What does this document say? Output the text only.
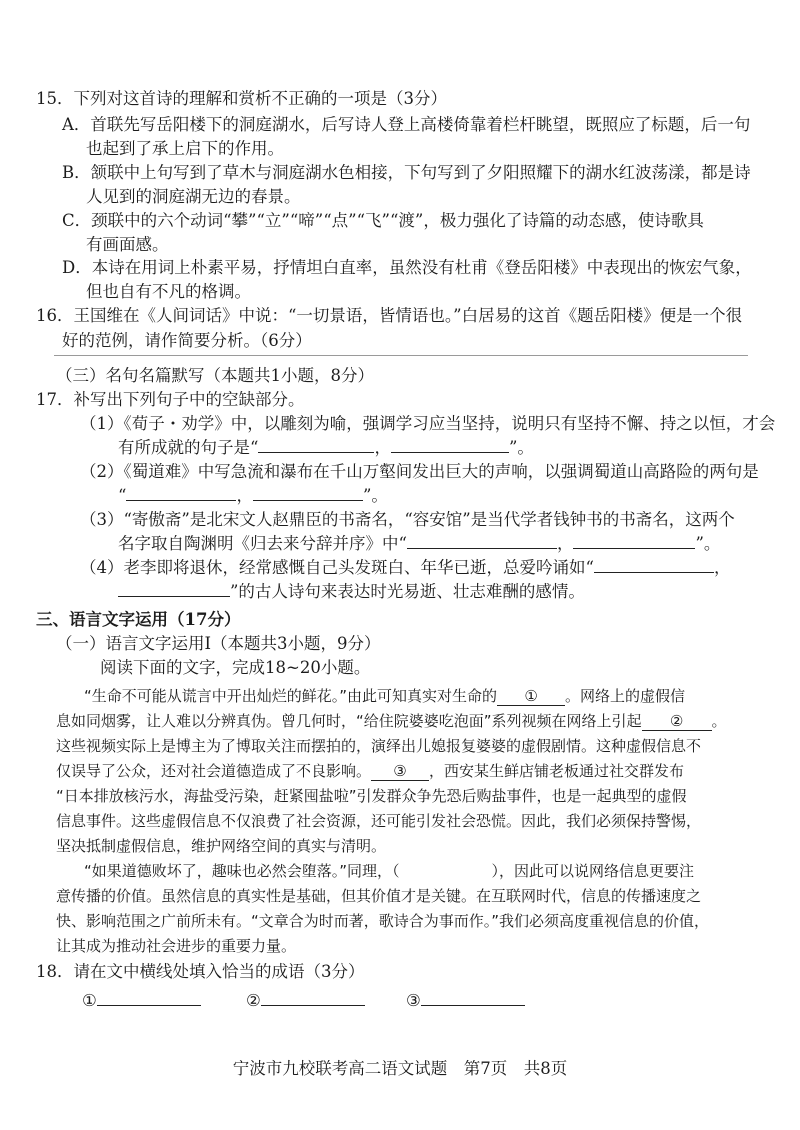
15．下列对这首诗的理解和赏析不正确的一项是（3分）
A．首联先写岳阳楼下的洞庭湖水，后写诗人登上高楼倚靠着栏杆眺望，既照应了标题，后一句
也起到了承上启下的作用。
B．颔联中上句写到了草木与洞庭湖水色相接，下句写到了夕阳照耀下的湖水红波荡漾，都是诗
人见到的洞庭湖无边的春景。
C．颈联中的六个动词“攀”“立”“啼”“点”“飞”“渡”，极力强化了诗篇的动态感，使诗歌具
有画面感。
D．本诗在用词上朴素平易，抒情坦白直率，虽然没有杜甫《登岳阳楼》中表现出的恢宏气象，
但也自有不凡的格调。
16．王国维在《人间词话》中说：“一切景语，皆情语也。”白居易的这首《题岳阳楼》便是一个很
好的范例，请作简要分析。（6分）
（三）名句名篇默写（本题共1小题，8分）
17．补写出下列句子中的空缺部分。
（1）《荀子・劝学》中，以雕刻为喻，强调学习应当坚持，说明只有坚持不懈、持之以恒，才会
有所成就的句子是“	，	”。
（2）《蜀道难》中写急流和瀑布在千山万壑间发出巨大的声响，以强调蜀道山高路险的两句是
“	，	”。
（3）“寄傲斋”是北宋文人赵鼎臣的书斋名，“容安馆”是当代学者钱钟书的书斋名，这两个
名字取自陶渊明《归去来兮辞并序》中“	，	”。
（4）老李即将退休，经常感慨自己头发斑白、年华已逝，总爱吟诵如“	，
”的古人诗句来表达时光易逝、壮志难酬的感情。
三、语言文字运用（17分）
（一）语言文字运用Ⅰ（本题共3小题，9分）
阅读下面的文字，完成18~20小题。
“生命不可能从谎言中开出灿烂的鲜花。”由此可知真实对生命的 ① 。网络上的虚假信
息如同烟雾，让人难以分辨真伪。曾几何时，“给住院婆婆吃泡面”系列视频在网络上引起 ② 。
这些视频实际上是博主为了博取关注而摆拍的，演绎出儿媳报复婆婆的虚假剧情。这种虚假信息不
仅误导了公众，还对社会道德造成了不良影响。 ③ ，西安某生鲜店铺老板通过社交群发布
“日本排放核污水，海盐受污染，赶紧囤盐啦”引发群众争先恐后购盐事件，也是一起典型的虚假
信息事件。这些虚假信息不仅浪费了社会资源，还可能引发社会恐慌。因此，我们必须保持警惕，
坚决抵制虚假信息，维护网络空间的真实与清明。
“如果道德败坏了，趣味也必然会堕落。”同理，（	），因此可以说网络信息更要注
意传播的价值。虽然信息的真实性是基础，但其价值才是关键。在互联网时代，信息的传播速度之
快、影响范围之广前所未有。“文章合为时而著，歌诗合为事而作。”我们必须高度重视信息的价值，
让其成为推动社会进步的重要力量。
18．请在文中横线处填入恰当的成语（3分）
①	②	③
宁波市九校联考高二语文试题　第7页　共8页
